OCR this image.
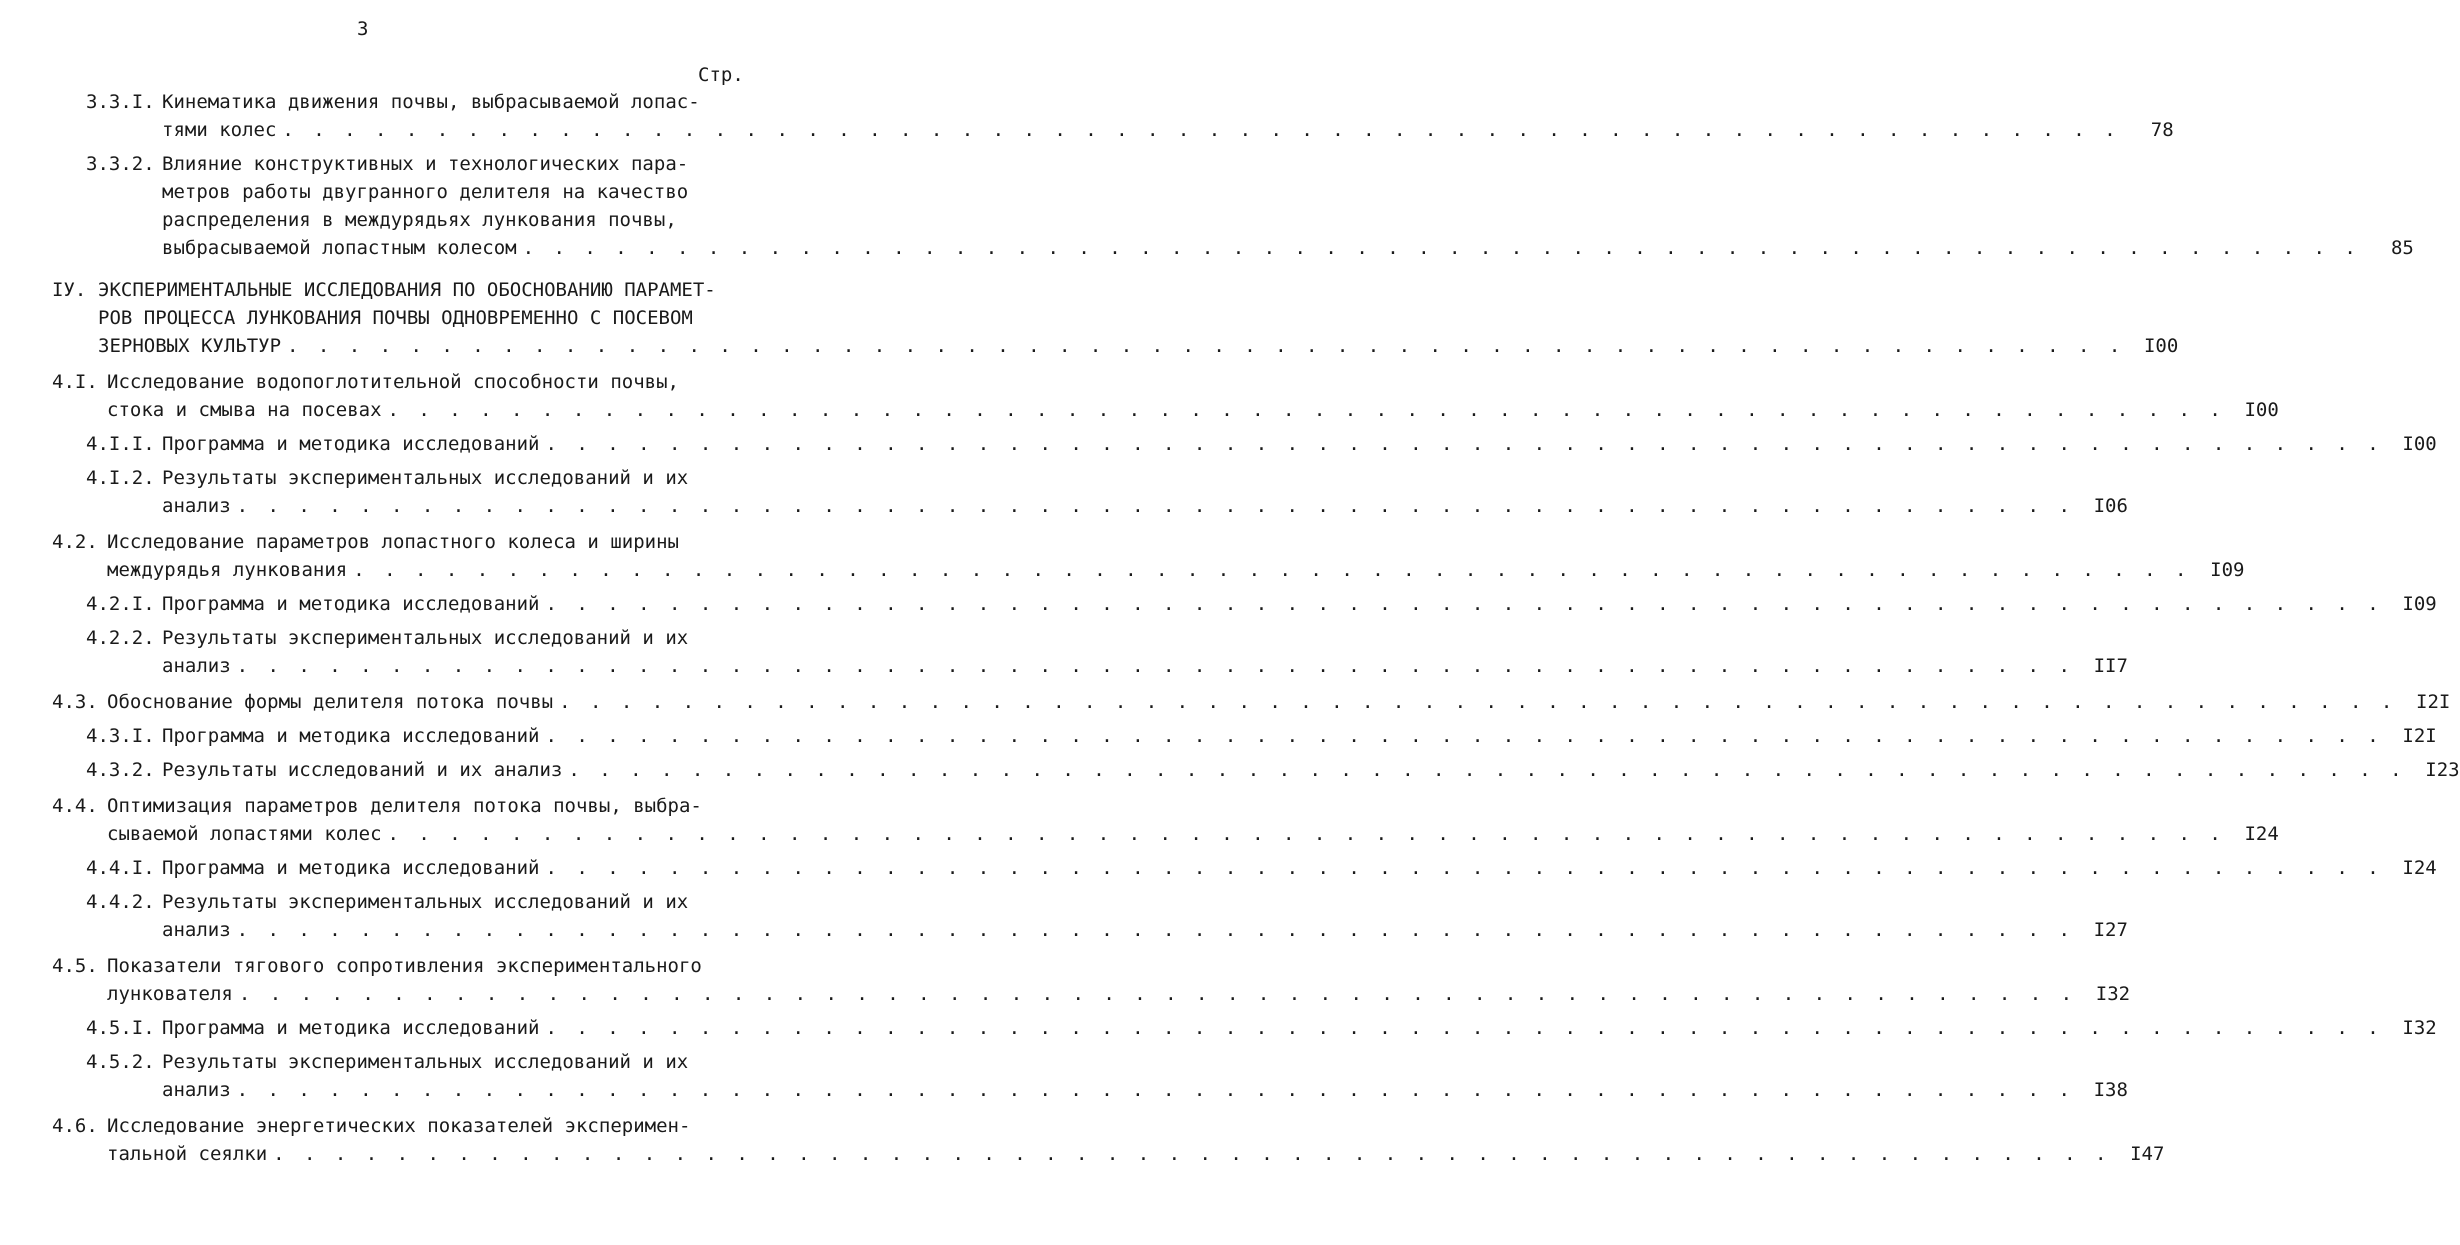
3
Стр.
3.3.I. Кинематика движения почвы, выбрасываемой лопас-
тями колес . . . . . . . . . . . . . . . . . . . . . . . . . . . . . . . . . . . . . . . . . . . . . . . . . . . . . . . . . . . .	78
3.3.2. Влияние конструктивных и технологических пара-
метров работы двугранного делителя на качество
распределения в междурядьях лункования почвы,
выбрасываемой лопастным колесом . . . . . . . . . . . . . . . . . . . . . . . . . . . . . . . . . . . . . . . . . . . . . . . . . . . . . . . . . . . .	85
IУ. ЭКСПЕРИМЕНТАЛЬНЫЕ ИССЛЕДОВАНИЯ ПО ОБОСНОВАНИЮ ПАРАМЕТ-
РОВ ПРОЦЕССА ЛУНКОВАНИЯ ПОЧВЫ ОДНОВРЕМЕННО С ПОСЕВОМ
ЗЕРНОВЫХ КУЛЬТУР . . . . . . . . . . . . . . . . . . . . . . . . . . . . . . . . . . . . . . . . . . . . . . . . . . . . . . . . . . . .	I00
4.I. Исследование водопоглотительной способности почвы,
стока и смыва на посевах . . . . . . . . . . . . . . . . . . . . . . . . . . . . . . . . . . . . . . . . . . . . . . . . . . . . . . . . . . . .	I00
4.I.I. Программа и методика исследований . . . . . . . . . . . . . . . . . . . . . . . . . . . . . . . . . . . . . . . . . . . . . . . . . . . . . . . . . . . .	I00
4.I.2. Результаты экспериментальных исследований и их
анализ . . . . . . . . . . . . . . . . . . . . . . . . . . . . . . . . . . . . . . . . . . . . . . . . . . . . . . . . . . . .	I06
4.2. Исследование параметров лопастного колеса и ширины
междурядья лункования . . . . . . . . . . . . . . . . . . . . . . . . . . . . . . . . . . . . . . . . . . . . . . . . . . . . . . . . . . . .	I09
4.2.I. Программа и методика исследований . . . . . . . . . . . . . . . . . . . . . . . . . . . . . . . . . . . . . . . . . . . . . . . . . . . . . . . . . . . .	I09
4.2.2. Результаты экспериментальных исследований и их
анализ . . . . . . . . . . . . . . . . . . . . . . . . . . . . . . . . . . . . . . . . . . . . . . . . . . . . . . . . . . . .	II7
4.3. Обоснование формы делителя потока почвы . . . . . . . . . . . . . . . . . . . . . . . . . . . . . . . . . . . . . . . . . . . . . . . . . . . . . . . . . . . .	I2I
4.3.I. Программа и методика исследований . . . . . . . . . . . . . . . . . . . . . . . . . . . . . . . . . . . . . . . . . . . . . . . . . . . . . . . . . . . .	I2I
4.3.2. Результаты исследований и их анализ . . . . . . . . . . . . . . . . . . . . . . . . . . . . . . . . . . . . . . . . . . . . . . . . . . . . . . . . . . . .	I23
4.4. Оптимизация параметров делителя потока почвы, выбра-
сываемой лопастями колес . . . . . . . . . . . . . . . . . . . . . . . . . . . . . . . . . . . . . . . . . . . . . . . . . . . . . . . . . . . .	I24
4.4.I. Программа и методика исследований . . . . . . . . . . . . . . . . . . . . . . . . . . . . . . . . . . . . . . . . . . . . . . . . . . . . . . . . . . . .	I24
4.4.2. Результаты экспериментальных исследований и их
анализ . . . . . . . . . . . . . . . . . . . . . . . . . . . . . . . . . . . . . . . . . . . . . . . . . . . . . . . . . . . .	I27
4.5. Показатели тягового сопротивления экспериментального
лункователя . . . . . . . . . . . . . . . . . . . . . . . . . . . . . . . . . . . . . . . . . . . . . . . . . . . . . . . . . . . .	I32
4.5.I. Программа и методика исследований . . . . . . . . . . . . . . . . . . . . . . . . . . . . . . . . . . . . . . . . . . . . . . . . . . . . . . . . . . . .	I32
4.5.2. Результаты экспериментальных исследований и их
анализ . . . . . . . . . . . . . . . . . . . . . . . . . . . . . . . . . . . . . . . . . . . . . . . . . . . . . . . . . . . .	I38
4.6. Исследование энергетических показателей эксперимен-
тальной сеялки . . . . . . . . . . . . . . . . . . . . . . . . . . . . . . . . . . . . . . . . . . . . . . . . . . . . . . . . . . . .	I47
